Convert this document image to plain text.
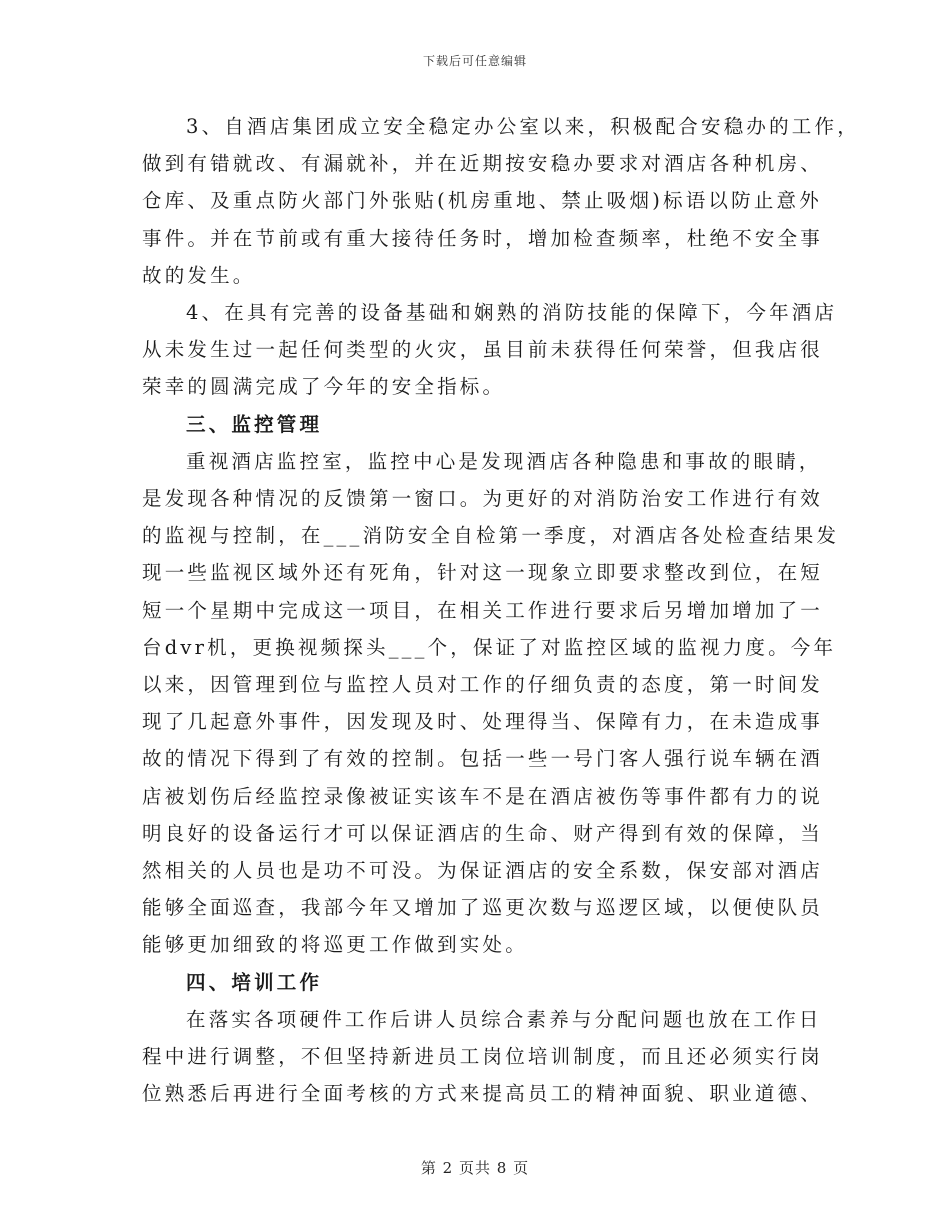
下载后可任意编辑

3、自酒店集团成立安全稳定办公室以来，积极配合安稳办的工作，
做到有错就改、有漏就补，并在近期按安稳办要求对酒店各种机房、
仓库、及重点防火部门外张贴(机房重地、禁止吸烟)标语以防止意外
事件。并在节前或有重大接待任务时，增加检查频率，杜绝不安全事
故的发生。

4、在具有完善的设备基础和娴熟的消防技能的保障下，今年酒店
从未发生过一起任何类型的火灾，虽目前未获得任何荣誉，但我店很
荣幸的圆满完成了今年的安全指标。

三、监控管理

重视酒店监控室，监控中心是发现酒店各种隐患和事故的眼睛，
是发现各种情况的反馈第一窗口。为更好的对消防治安工作进行有效
的监视与控制，在___消防安全自检第一季度，对酒店各处检查结果发
现一些监视区域外还有死角，针对这一现象立即要求整改到位，在短
短一个星期中完成这一项目，在相关工作进行要求后另增加增加了一
台dvr机，更换视频探头___个，保证了对监控区域的监视力度。今年
以来，因管理到位与监控人员对工作的仔细负责的态度，第一时间发
现了几起意外事件，因发现及时、处理得当、保障有力，在未造成事
故的情况下得到了有效的控制。包括一些一号门客人强行说车辆在酒
店被划伤后经监控录像被证实该车不是在酒店被伤等事件都有力的说
明良好的设备运行才可以保证酒店的生命、财产得到有效的保障，当
然相关的人员也是功不可没。为保证酒店的安全系数，保安部对酒店
能够全面巡查，我部今年又增加了巡更次数与巡逻区域，以便使队员
能够更加细致的将巡更工作做到实处。

四、培训工作

在落实各项硬件工作后讲人员综合素养与分配问题也放在工作日
程中进行调整，不但坚持新进员工岗位培训制度，而且还必须实行岗
位熟悉后再进行全面考核的方式来提高员工的精神面貌、职业道德、

第 2 页共 8 页
